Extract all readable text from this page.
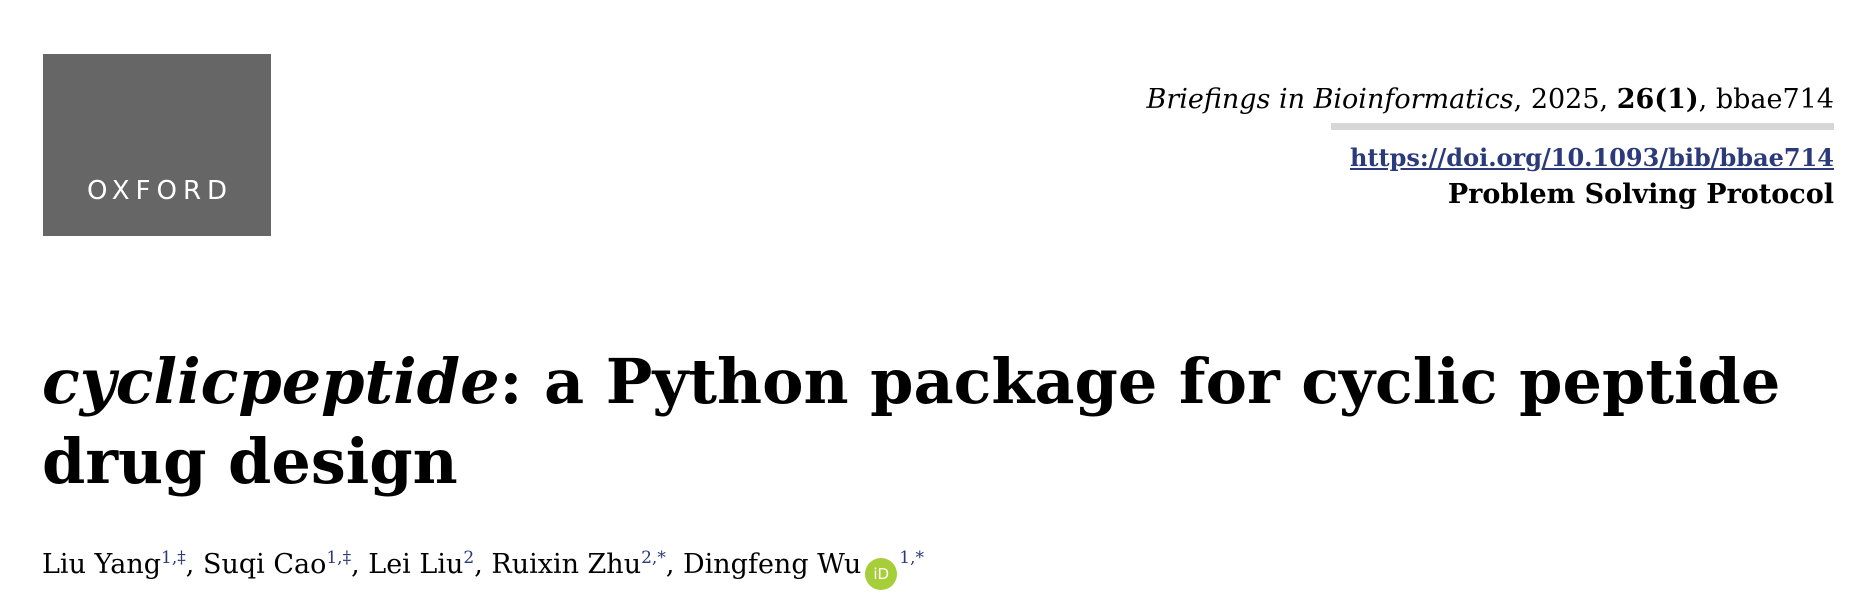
OXFORD
Briefings in Bioinformatics, 2025, 26(1), bbae714
https://doi.org/10.1093/bib/bbae714
Problem Solving Protocol
cyclicpeptide: a Python package for cyclic peptide drug design
Liu Yang$^{1,\ddagger}$, Suqi Cao$^{1,\ddagger}$, Lei Liu$^2$, Ruixin Zhu$^{2,*}$, Dingfeng Wu iD$^{1,*}$
